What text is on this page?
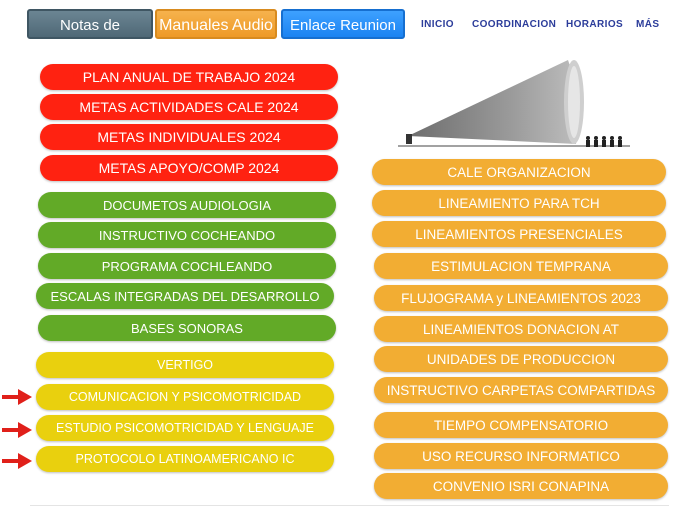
Notas de Direccion
Manuales Audio	Enlace Reunion	INICIO COORDINACION HORARIOS MÁS
PLAN ANUAL DE TRABAJO 2024
METAS ACTIVIDADES CALE 2024
METAS INDIVIDUALES 2024
METAS APOYO/COMP 2024
DOCUMETOS AUDIOLOGIA
INSTRUCTIVO COCHEANDO
PROGRAMA COCHLEANDO
ESCALAS INTEGRADAS DEL DESARROLLO
BASES SONORAS
VERTIGO
COMUNICACION Y PSICOMOTRICIDAD
ESTUDIO PSICOMOTRICIDAD Y LENGUAJE
PROTOCOLO LATINOAMERICANO IC
CALE ORGANIZACION
LINEAMIENTO PARA TCH
LINEAMIENTOS PRESENCIALES
ESTIMULACION TEMPRANA
FLUJOGRAMA y LINEAMIENTOS 2023
LINEAMIENTOS DONACION AT
UNIDADES DE PRODUCCION
INSTRUCTIVO CARPETAS COMPARTIDAS
TIEMPO COMPENSATORIO
USO RECURSO INFORMATICO
CONVENIO ISRI CONAPINA
